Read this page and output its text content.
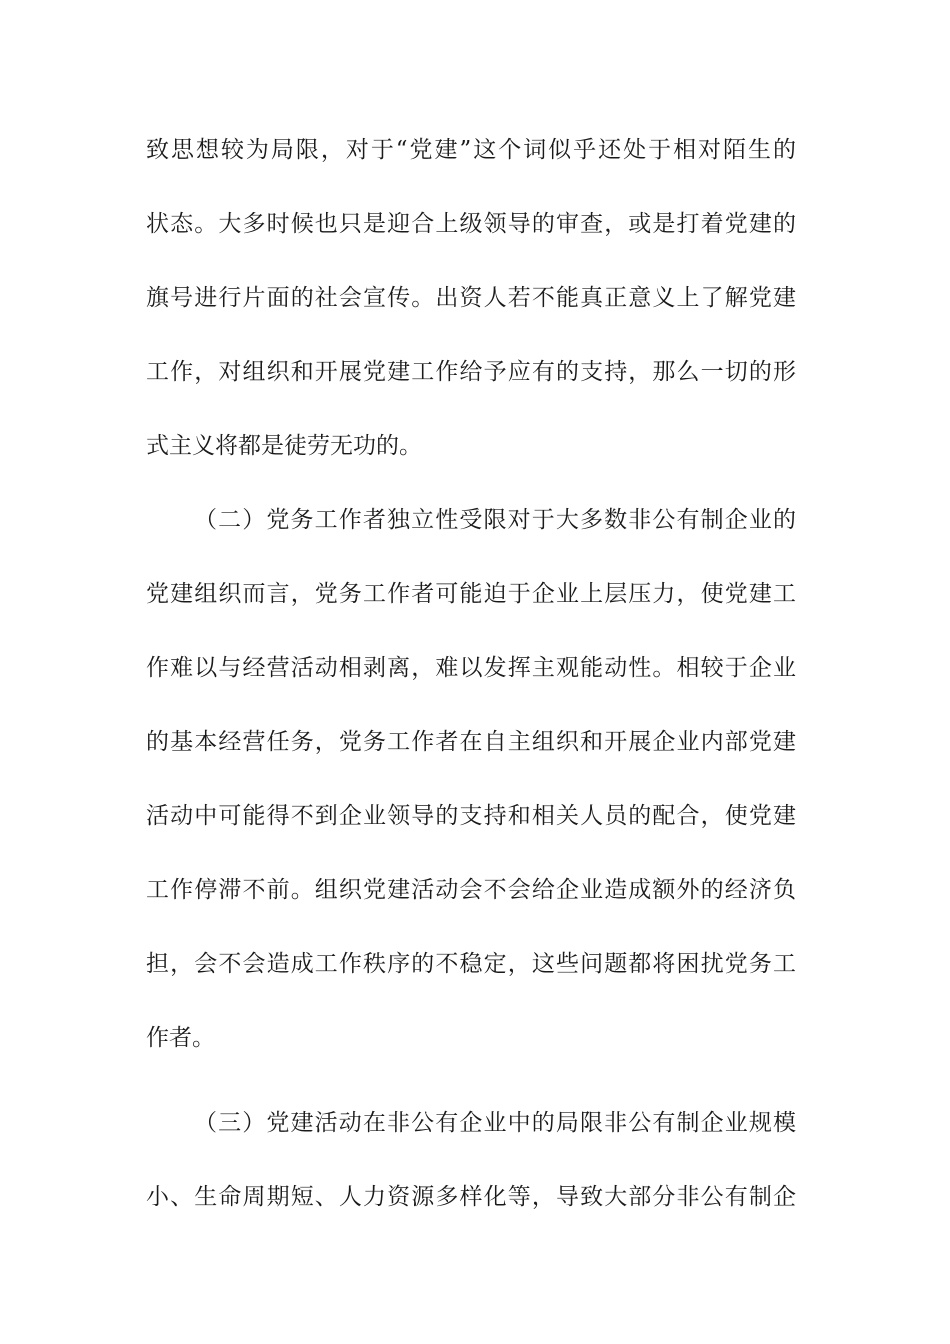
致思想较为局限，对于“党建”这个词似乎还处于相对陌生的
状态。大多时候也只是迎合上级领导的审查，或是打着党建的
旗号进行片面的社会宣传。出资人若不能真正意义上了解党建
工作，对组织和开展党建工作给予应有的支持，那么一切的形
式主义将都是徒劳无功的。
（二）党务工作者独立性受限对于大多数非公有制企业的
党建组织而言，党务工作者可能迫于企业上层压力，使党建工
作难以与经营活动相剥离，难以发挥主观能动性。相较于企业
的基本经营任务，党务工作者在自主组织和开展企业内部党建
活动中可能得不到企业领导的支持和相关人员的配合，使党建
工作停滞不前。组织党建活动会不会给企业造成额外的经济负
担，会不会造成工作秩序的不稳定，这些问题都将困扰党务工
作者。
（三）党建活动在非公有企业中的局限非公有制企业规模
小、生命周期短、人力资源多样化等，导致大部分非公有制企
